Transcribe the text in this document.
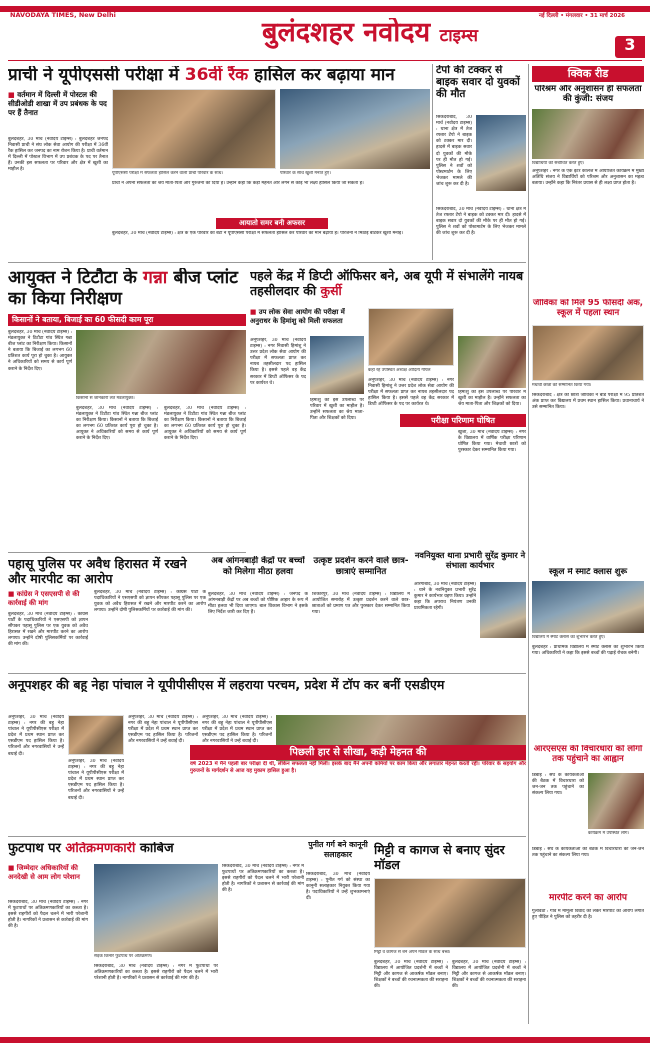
NAVODAYA TIMES, New Delhi	नई दिल्ली • मंगलवार • 31 मार्च 2026
बुलंदशहर नवोदय टाइम्स	3
प्राची ने यूपीएससी परीक्षा में 36वीं रैंक हासिल कर बढ़ाया मान
■ वर्तमान में दिल्ली में पोस्टल की सीडीओडी शाखा में उप प्रबंधक के पद पर हैं तैनात

बुलंदशहर, 30 मार्च (नवोदय टाइम्स) : बुलंदशहर जनपद निवासी प्राची ने संघ लोक सेवा आयोग की परीक्षा में 36वीं रैंक हासिल कर जनपद का नाम रोशन किया है। प्राची वर्तमान में दिल्ली में पोस्टल विभाग में उप प्रबंधक के पद पर तैनात हैं। उनकी इस सफलता पर परिवार और क्षेत्र में खुशी का माहौल है।

यूपीएससी परीक्षा में सफलता हासिल करने वाली प्राची परिवार के साथ।	परिवार के साथ खुशी मनाते हुए।

प्राची ने अपनी सफलता का श्रेय माता-पिता और गुरुजनों को दिया है। उन्होंने कहा कि कड़ी मेहनत और लगन से कोई भी लक्ष्य हासिल किया जा सकता है।

आयातो समर बनी अफसर

बुलंदशहर, 30 मार्च (नवोदय टाइम्स) : क्षेत्र के एक परिवार की बेटी ने यूपीएससी परीक्षा में सफलता हासिल कर परिवार का मान बढ़ाया है। परिजनों ने मिठाई बांटकर खुशी मनाई।

टेंपो की टक्कर से बाइक सवार दो युवकों की मौत

सिकंदराबाद, 30 मार्च (नवोदय टाइम्स) : थाना क्षेत्र में तेज रफ्तार टेंपो ने बाइक को टक्कर मार दी। हादसे में बाइक सवार दो युवकों की मौके पर ही मौत हो गई। पुलिस ने शवों को पोस्टमार्टम के लिए भेजकर मामले की जांच शुरू कर दी है।

सिकंदराबाद, 30 मार्च (नवोदय टाइम्स) : थाना क्षेत्र में तेज रफ्तार टेंपो ने बाइक को टक्कर मार दी। हादसे में बाइक सवार दो युवकों की मौके पर ही मौत हो गई। पुलिस ने शवों को पोस्टमार्टम के लिए भेजकर मामले की जांच शुरू कर दी है।

क्विक रीड
परिश्रम और अनुशासन ही सफलता की कुंजी: संजय
विद्यार्थियों को संबोधित करते हुए।

अनूपशहर : नगर के एक इंटर कॉलेज में आयोजित कार्यक्रम में मुख्य अतिथि संजय ने विद्यार्थियों को परिश्रम और अनुशासन का महत्व बताया। उन्होंने कहा कि निरंतर प्रयास से ही लक्ष्य प्राप्त होता है।

जीविका को मिले 95 फीसदी अंक, स्कूल में पहला स्थान
मेधावी छात्रों को सम्मानित किया गया।

सिकंदराबाद : क्षेत्र की छात्रा जीविका ने बोर्ड परीक्षा में 95 प्रतिशत अंक प्राप्त कर विद्यालय में प्रथम स्थान हासिल किया। प्रधानाचार्य ने उसे सम्मानित किया।

स्कूल में स्मार्ट क्लास शुरू
विद्यालय में स्मार्ट क्लास का शुभारंभ करते हुए।

बुलंदशहर : प्राथमिक विद्यालय में स्मार्ट क्लास का शुभारंभ किया गया। अधिकारियों ने कहा कि इससे बच्चों की पढ़ाई रोचक बनेगी।

आरएसएस की विचारधारा को लोगों तक पहुंचाने का आह्वान

डिबाई : संघ के कार्यकर्ताओं की बैठक में विचारधारा को जन-जन तक पहुंचाने का संकल्प लिया गया।

कार्यक्रम में उपस्थित लोग।

डिबाई : संघ के कार्यकर्ताओं की बैठक में विचारधारा को जन-जन तक पहुंचाने का संकल्प लिया गया।

मारपीट करने का आरोप

गुलावठी : गांव में मामूली विवाद को लेकर मारपीट का आरोप लगाते हुए पीड़ित ने पुलिस को तहरीर दी है।

आयुक्त ने टिटौटा के गन्ना बीज प्लांट का किया निरीक्षण
किसानों ने बताया, बिजाई का 60 फीसदी काम पूरा

बुलंदशहर, 30 मार्च (नवोदय टाइम्स) : मंडलायुक्त ने टिटौटा गांव स्थित गन्ना बीज प्लांट का निरीक्षण किया। किसानों ने बताया कि बिजाई का लगभग 60 प्रतिशत कार्य पूरा हो चुका है। आयुक्त ने अधिकारियों को समय से कार्य पूर्ण कराने के निर्देश दिए।

किसानों से जानकारी लेते मंडलायुक्त।

बुलंदशहर, 30 मार्च (नवोदय टाइम्स) : मंडलायुक्त ने टिटौटा गांव स्थित गन्ना बीज प्लांट का निरीक्षण किया। किसानों ने बताया कि बिजाई का लगभग 60 प्रतिशत कार्य पूरा हो चुका है। आयुक्त ने अधिकारियों को समय से कार्य पूर्ण कराने के निर्देश दिए।

बुलंदशहर, 30 मार्च (नवोदय टाइम्स) : मंडलायुक्त ने टिटौटा गांव स्थित गन्ना बीज प्लांट का निरीक्षण किया। किसानों ने बताया कि बिजाई का लगभग 60 प्रतिशत कार्य पूरा हो चुका है। आयुक्त ने अधिकारियों को समय से कार्य पूर्ण कराने के निर्देश दिए।

पहले केंद्र में डिप्टी ऑफिसर बने, अब यूपी में संभालेंगे नायब तहसीलदार की कुर्सी
■ उप लोक सेवा आयोग की परीक्षा में अनुराधर के हिमांशु को मिली सफलता

अनूपशहर, 30 मार्च (नवोदय टाइम्स) : नगर निवासी हिमांशु ने उत्तर प्रदेश लोक सेवा आयोग की परीक्षा में सफलता प्राप्त कर नायब तहसीलदार पद हासिल किया है। इससे पहले वह केंद्र सरकार में डिप्टी ऑफिसर के पद पर कार्यरत थे।

हिमांशु की इस उपलब्धि पर परिवार में खुशी का माहौल है। उन्होंने सफलता का श्रेय माता-पिता और शिक्षकों को दिया।

कहाँ रहे उपस्थित अध्यक्ष आदित्य गोयल

अनूपशहर, 30 मार्च (नवोदय टाइम्स) : नगर निवासी हिमांशु ने उत्तर प्रदेश लोक सेवा आयोग की परीक्षा में सफलता प्राप्त कर नायब तहसीलदार पद हासिल किया है। इससे पहले वह केंद्र सरकार में डिप्टी ऑफिसर के पद पर कार्यरत थे।

हिमांशु की इस उपलब्धि पर परिवार में खुशी का माहौल है। उन्होंने सफलता का श्रेय माता-पिता और शिक्षकों को दिया।

परीक्षा परिणाम घोषित

खुर्जा, 30 मार्च (नवोदय टाइम्स) : नगर के विद्यालय में वार्षिक परीक्षा परिणाम घोषित किया गया। मेधावी छात्रों को पुरस्कार देकर सम्मानित किया गया।

पहासू पुलिस पर अवैध हिरासत में रखने और मारपीट का आरोप
■ कांग्रेस ने एसएसपी से की कार्रवाई की मांग

बुलंदशहर, 30 मार्च (नवोदय टाइम्स) : कांग्रेस पार्टी के पदाधिकारियों ने एसएसपी को ज्ञापन सौंपकर पहासू पुलिस पर एक युवक को अवैध हिरासत में रखने और मारपीट करने का आरोप लगाया। उन्होंने दोषी पुलिसकर्मियों पर कार्रवाई की मांग की।

बुलंदशहर, 30 मार्च (नवोदय टाइम्स) : कांग्रेस पार्टी के पदाधिकारियों ने एसएसपी को ज्ञापन सौंपकर पहासू पुलिस पर एक युवक को अवैध हिरासत में रखने और मारपीट करने का आरोप लगाया। उन्होंने दोषी पुलिसकर्मियों पर कार्रवाई की मांग की।

अब आंगनबाड़ी केंद्रों पर बच्चों को मिलेगा मीठा हलवा

बुलंदशहर, 30 मार्च (नवोदय टाइम्स) : जनपद के आंगनबाड़ी केंद्रों पर अब बच्चों को पौष्टिक आहार के रूप में मीठा हलवा भी दिया जाएगा। बाल विकास विभाग ने इसके लिए निर्देश जारी कर दिए हैं।

उत्कृष्ट प्रदर्शन करने वाले छात्र-छात्राएं सम्मानित

शिकारपुर, 30 मार्च (नवोदय टाइम्स) : विद्यालय में आयोजित समारोह में उत्कृष्ट प्रदर्शन करने वाले छात्र-छात्राओं को प्रमाण पत्र और पुरस्कार देकर सम्मानित किया गया।

नवनियुक्त थाना प्रभारी सुरेंद्र कुमार ने संभाला कार्यभार

औरंगाबाद, 30 मार्च (नवोदय टाइम्स) : थाने के नवनियुक्त प्रभारी सुरेंद्र कुमार ने कार्यभार ग्रहण किया। उन्होंने कहा कि अपराध नियंत्रण उनकी प्राथमिकता रहेगी।

अनूपशहर की बहू नेहा पांचाल ने यूपीपीसीएस में लहराया परचम, प्रदेश में टॉप कर बनीं एसडीएम

अनूपशहर, 30 मार्च (नवोदय टाइम्स) : नगर की बहू नेहा पांचाल ने यूपीपीसीएस परीक्षा में प्रदेश में प्रथम स्थान प्राप्त कर एसडीएम पद हासिल किया है। परिजनों और नगरवासियों ने उन्हें बधाई दी।

अनूपशहर, 30 मार्च (नवोदय टाइम्स) : नगर की बहू नेहा पांचाल ने यूपीपीसीएस परीक्षा में प्रदेश में प्रथम स्थान प्राप्त कर एसडीएम पद हासिल किया है। परिजनों और नगरवासियों ने उन्हें बधाई दी।

अनूपशहर, 30 मार्च (नवोदय टाइम्स) : नगर की बहू नेहा पांचाल ने यूपीपीसीएस परीक्षा में प्रदेश में प्रथम स्थान प्राप्त कर एसडीएम पद हासिल किया है। परिजनों और नगरवासियों ने उन्हें बधाई दी।

अनूपशहर, 30 मार्च (नवोदय टाइम्स) : नगर की बहू नेहा पांचाल ने यूपीपीसीएस परीक्षा में प्रदेश में प्रथम स्थान प्राप्त कर एसडीएम पद हासिल किया है। परिजनों और नगरवासियों ने उन्हें बधाई दी।

पिछली हार से सीखा, कड़ी मेहनत की
वर्ष 2023 में मैंने पहली बार परीक्षा दी थी, लेकिन सफलता नहीं मिली। इसके बाद मैंने अपनी कमियों पर काम किया और लगातार मेहनत करती रही। परिवार के सहयोग और गुरुजनों के मार्गदर्शन से आज यह मुकाम हासिल हुआ है।
फुटपाथ पर अतिक्रमणकारी काबिज
■ जिम्मेदार अधिकारियों की अनदेखी से आम लोग परेशान

सिकंदराबाद, 30 मार्च (नवोदय टाइम्स) : नगर में फुटपाथों पर अतिक्रमणकारियों का कब्जा है। इससे राहगीरों को पैदल चलने में भारी परेशानी होती है। नागरिकों ने प्रशासन से कार्रवाई की मांग की है।

सड़क किनारे फुटपाथ पर अतिक्रमण।

सिकंदराबाद, 30 मार्च (नवोदय टाइम्स) : नगर में फुटपाथों पर अतिक्रमणकारियों का कब्जा है। इससे राहगीरों को पैदल चलने में भारी परेशानी होती है। नागरिकों ने प्रशासन से कार्रवाई की मांग की है।

सिकंदराबाद, 30 मार्च (नवोदय टाइम्स) : नगर में फुटपाथों पर अतिक्रमणकारियों का कब्जा है। इससे राहगीरों को पैदल चलने में भारी परेशानी होती है। नागरिकों ने प्रशासन से कार्रवाई की मांग की है।

पुनीत गर्ग बने कानूनी सलाहकार

सिकंदराबाद, 30 मार्च (नवोदय टाइम्स) : पुनीत गर्ग को संस्था का कानूनी सलाहकार नियुक्त किया गया है। पदाधिकारियों ने उन्हें शुभकामनाएं दीं।

मिट्टी व कागज से बनाए सुंदर मॉडल
मिट्टी व कागज से बने अपने मॉडल के साथ बच्चे।

बुलंदशहर, 30 मार्च (नवोदय टाइम्स) : विद्यालय में आयोजित प्रदर्शनी में बच्चों ने मिट्टी और कागज से आकर्षक मॉडल बनाए। शिक्षकों ने बच्चों की रचनात्मकता की सराहना की।

बुलंदशहर, 30 मार्च (नवोदय टाइम्स) : विद्यालय में आयोजित प्रदर्शनी में बच्चों ने मिट्टी और कागज से आकर्षक मॉडल बनाए। शिक्षकों ने बच्चों की रचनात्मकता की सराहना की।
